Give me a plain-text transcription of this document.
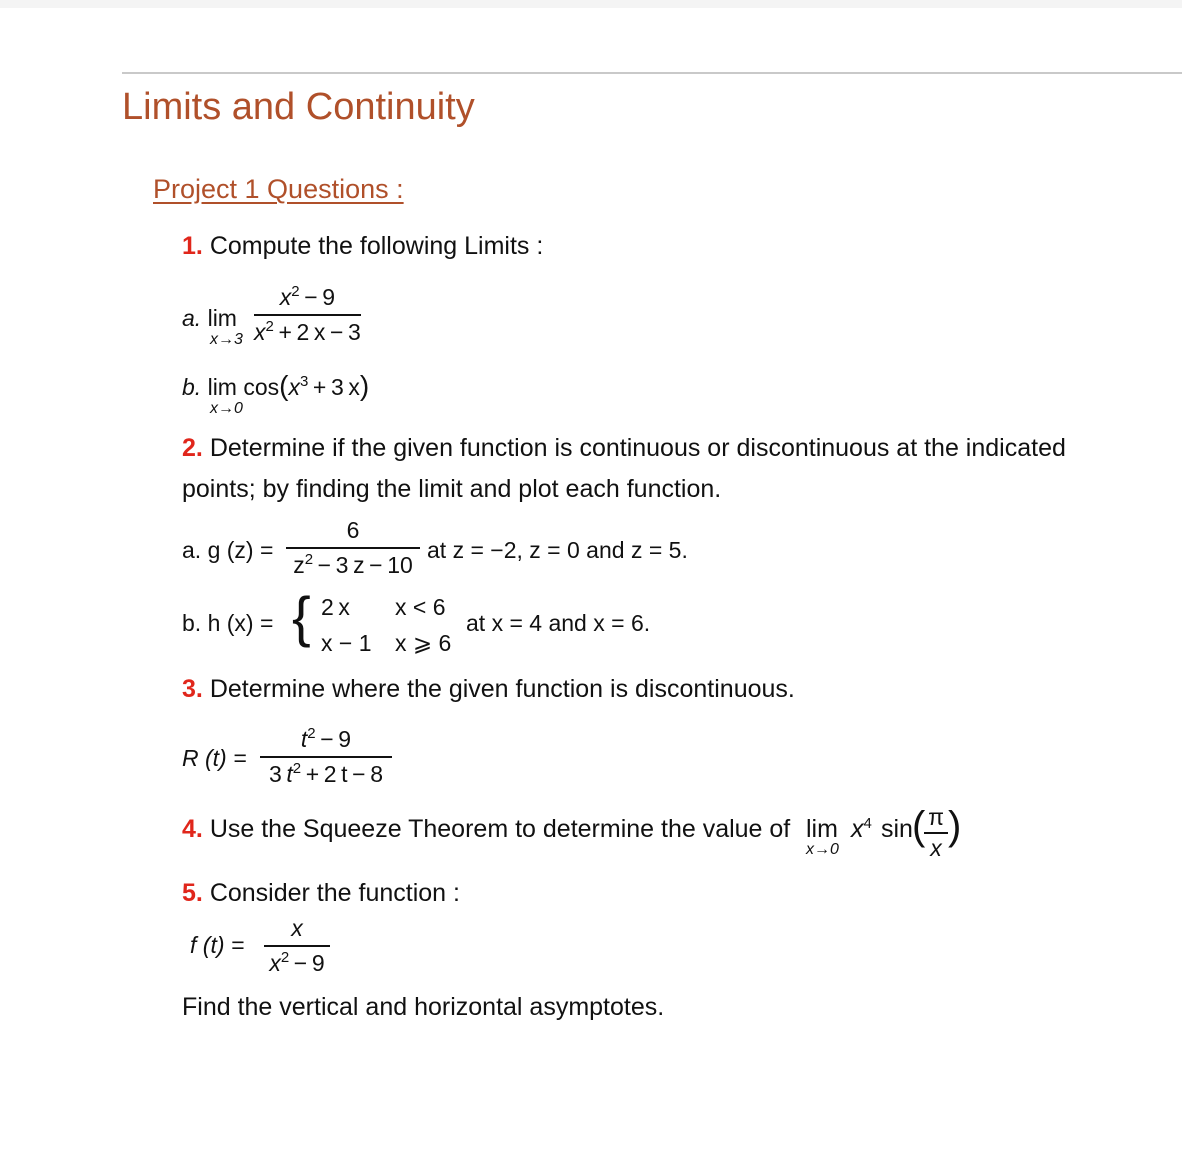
Limits and Continuity
Project 1 Questions :
1. Compute the following Limits :
a. lim
x→3
$x^2 - 9$
$x^2 + 2$ x − 3
b. $\lim \cos(x^3 + 3$ x)
x→0
2. Determine if the given function is continuous or discontinuous at the indicated
points; by finding the limit and plot each function.
a. g (z) =
6
$z^2 - 3$ z − 10
at z = −2, z = 0 and z = 5.
b. h (x) = { 2 x x < 6
x − 1 x ⩾ 6
at x = 4 and x = 6.
3. Determine where the given function is discontinuous.
R (t) =
$t^2 - 9$
3 $t^2 + 2$ t − 8
4. Use the Squeeze Theorem to determine the value of lim
x→0
$x^4$ sin ( π
x )
5. Consider the function :
f (t) =
x
$x^2 - 9$
Find the vertical and horizontal asymptotes.
